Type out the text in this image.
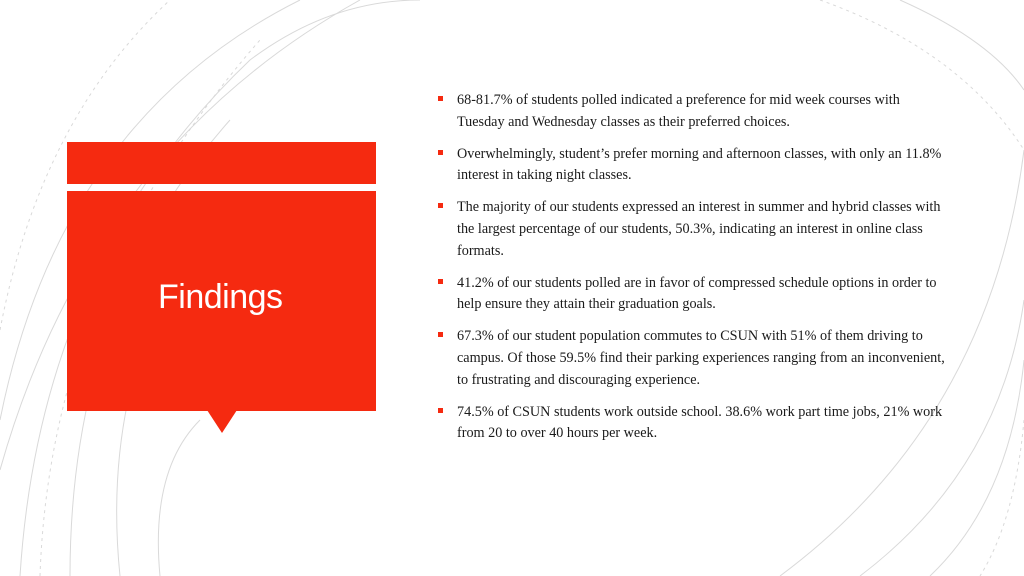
Findings
68-81.7% of students polled indicated a preference for mid week courses with Tuesday and Wednesday classes as their preferred choices.
Overwhelmingly, student’s prefer morning and afternoon classes, with only an 11.8% interest in taking night classes.
The majority of our students expressed an interest in summer and hybrid classes with the largest percentage of our students, 50.3%, indicating an interest in online class formats.
41.2% of our students polled are in favor of compressed schedule options in order to help ensure they attain their graduation goals.
67.3% of our student population commutes to CSUN with 51% of them driving to campus. Of those 59.5% find their parking experiences ranging from an inconvenient, to frustrating and discouraging experience.
74.5% of CSUN students work outside school. 38.6% work part time jobs, 21% work from 20 to over 40 hours per week.
